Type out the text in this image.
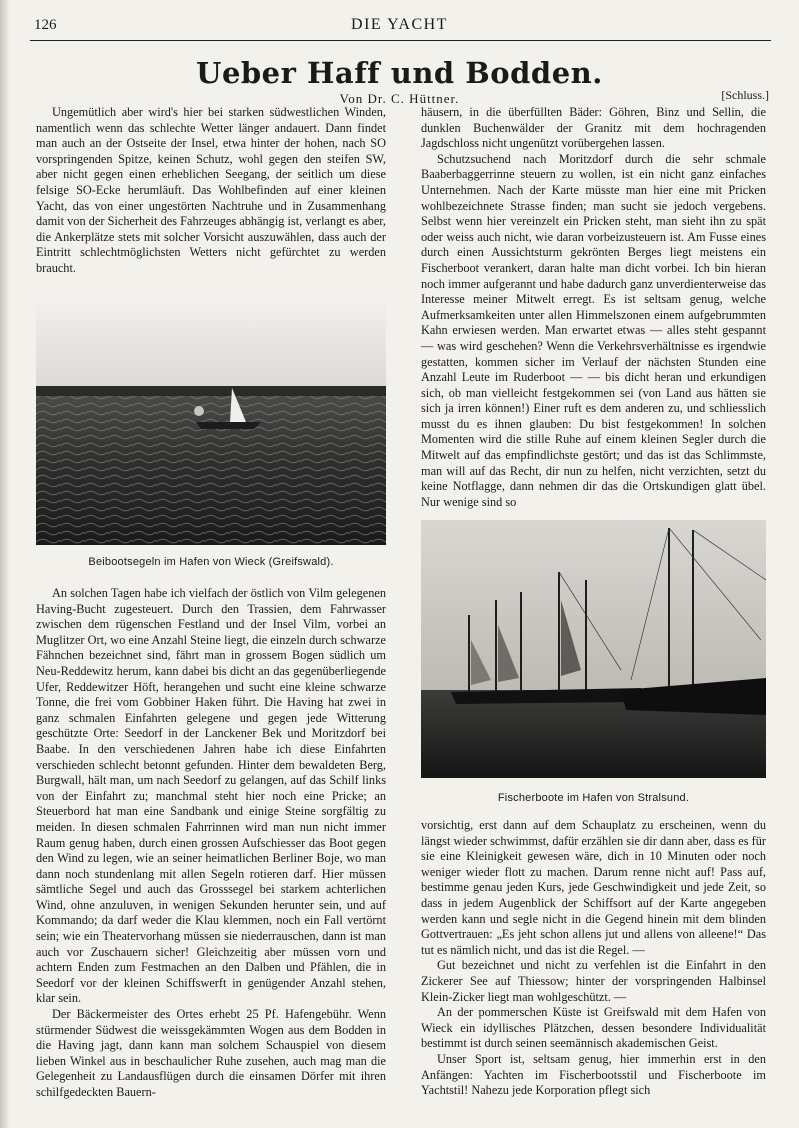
126	DIE YACHT
Ueber Haff und Bodden.
Von Dr. C. Hüttner.	[Schluss.]

Ungemütlich aber wird's hier bei starken südwestlichen Winden, namentlich wenn das schlechte Wetter länger andauert. Dann findet man auch an der Ostseite der Insel, etwa hinter der hohen, nach SO vorspringenden Spitze, keinen Schutz, wohl gegen den steifen SW, aber nicht gegen einen erheblichen Seegang, der seitlich um diese felsige SO-Ecke herumläuft. Das Wohlbefinden auf einer kleinen Yacht, das von einer ungestörten Nachtruhe und in Zusammenhang damit von der Sicherheit des Fahrzeuges abhängig ist, verlangt es aber, die Ankerplätze stets mit solcher Vorsicht auszuwählen, dass auch der Eintritt schlechtmöglichsten Wetters nicht gefürchtet zu werden braucht.

Beibootsegeln im Hafen von Wieck (Greifswald).

An solchen Tagen habe ich vielfach der östlich von Vilm gelegenen Having-Bucht zugesteuert. Durch den Trassien, dem Fahrwasser zwischen dem rügenschen Festland und der Insel Vilm, vorbei an Muglitzer Ort, wo eine Anzahl Steine liegt, die einzeln durch schwarze Fähnchen bezeichnet sind, fährt man in grossem Bogen südlich um Neu-Reddewitz herum, kann dabei bis dicht an das gegenüberliegende Ufer, Reddewitzer Höft, herangehen und sucht eine kleine schwarze Tonne, die frei vom Gobbiner Haken führt. Die Having hat zwei in ganz schmalen Einfahrten gelegene und gegen jede Witterung geschützte Orte: Seedorf in der Lanckener Bek und Moritzdorf bei Baabe. In den verschiedenen Jahren habe ich diese Einfahrten verschieden schlecht betonnt gefunden. Hinter dem bewaldeten Berg, Burgwall, hält man, um nach Seedorf zu gelangen, auf das Schilf links von der Einfahrt zu; manchmal steht hier noch eine Pricke; an Steuerbord hat man eine Sandbank und einige Steine sorgfältig zu meiden. In diesen schmalen Fahrrinnen wird man nun nicht immer Raum genug haben, durch einen grossen Aufschiesser das Boot gegen den Wind zu legen, wie an seiner heimatlichen Berliner Boje, wo man dann noch stundenlang mit allen Segeln rotieren darf. Hier müssen sämtliche Segel und auch das Grosssegel bei starkem achterlichen Wind, ohne anzuluven, in wenigen Sekunden herunter sein, und auf Kommando; da darf weder die Klau klemmen, noch ein Fall vertörnt sein; wie ein Theatervorhang müssen sie niederrauschen, dann ist man auch vor Zuschauern sicher! Gleichzeitig aber müssen vorn und achtern Enden zum Festmachen an den Dalben und Pfählen, die in Seedorf vor der kleinen Schiffswerft in genügender Anzahl stehen, klar sein.

Der Bäckermeister des Ortes erhebt 25 Pf. Hafengebühr. Wenn stürmender Südwest die weissgekämmten Wogen aus dem Bodden in die Having jagt, dann kann man solchem Schauspiel von diesem lieben Winkel aus in beschaulicher Ruhe zusehen, auch mag man die Gelegenheit zu Landausflügen durch die einsamen Dörfer mit ihren schilfgedeckten Bauern-

häusern, in die überfüllten Bäder: Göhren, Binz und Sellin, die dunklen Buchenwälder der Granitz mit dem hochragenden Jagdschloss nicht ungenützt vorübergehen lassen.

Schutzsuchend nach Moritzdorf durch die sehr schmale Baaberbaggerrinne steuern zu wollen, ist ein nicht ganz einfaches Unternehmen. Nach der Karte müsste man hier eine mit Pricken wohlbezeichnete Strasse finden; man sucht sie jedoch vergebens. Selbst wenn hier vereinzelt ein Pricken steht, man sieht ihn zu spät oder weiss auch nicht, wie daran vorbeizusteuern ist. Am Fusse eines durch einen Aussichtsturm gekrönten Berges liegt meistens ein Fischerboot verankert, daran halte man dicht vorbei. Ich bin hieran noch immer aufgerannt und habe dadurch ganz unverdienterweise das Interesse meiner Mitwelt erregt. Es ist seltsam genug, welche Aufmerksamkeiten unter allen Himmelszonen einem aufgebrummten Kahn erwiesen werden. Man erwartet etwas — alles steht gespannt — was wird geschehen? Wenn die Verkehrsverhältnisse es irgendwie gestatten, kommen sicher im Verlauf der nächsten Stunden eine Anzahl Leute im Ruderboot — — bis dicht heran und erkundigen sich, ob man vielleicht festgekommen sei (von Land aus hätten sie sich ja irren können!) Einer ruft es dem anderen zu, und schliesslich musst du es ihnen glauben: Du bist festgekommen! In solchen Momenten wird die stille Ruhe auf einem kleinen Segler durch die Mitwelt auf das empfindlichste gestört; und das ist das Schlimmste, man will auf das Recht, dir nun zu helfen, nicht verzichten, setzt du keine Notflagge, dann nehmen dir das die Ortskundigen glatt übel. Nur wenige sind so

Fischerboote im Hafen von Stralsund.

vorsichtig, erst dann auf dem Schauplatz zu erscheinen, wenn du längst wieder schwimmst, dafür erzählen sie dir dann aber, dass es für sie eine Kleinigkeit gewesen wäre, dich in 10 Minuten oder noch weniger wieder flott zu machen. Darum renne nicht auf! Pass auf, bestimme genau jeden Kurs, jede Geschwindigkeit und jede Zeit, so dass in jedem Augenblick der Schiffsort auf der Karte angegeben werden kann und segle nicht in die Gegend hinein mit dem blinden Gottvertrauen: „Es jeht schon allens jut und allens von alleene!“ Das tut es nämlich nicht, und das ist die Regel. —

Gut bezeichnet und nicht zu verfehlen ist die Einfahrt in den Zickerer See auf Thiessow; hinter der vorspringenden Halbinsel Klein-Zicker liegt man wohlgeschützt. —

An der pommerschen Küste ist Greifswald mit dem Hafen von Wieck ein idyllisches Plätzchen, dessen besondere Individualität bestimmt ist durch seinen seemännisch akademischen Geist.

Unser Sport ist, seltsam genug, hier immerhin erst in den Anfängen: Yachten im Fischerbootsstil und Fischerboote im Yachtstil! Nahezu jede Korporation pflegt sich
